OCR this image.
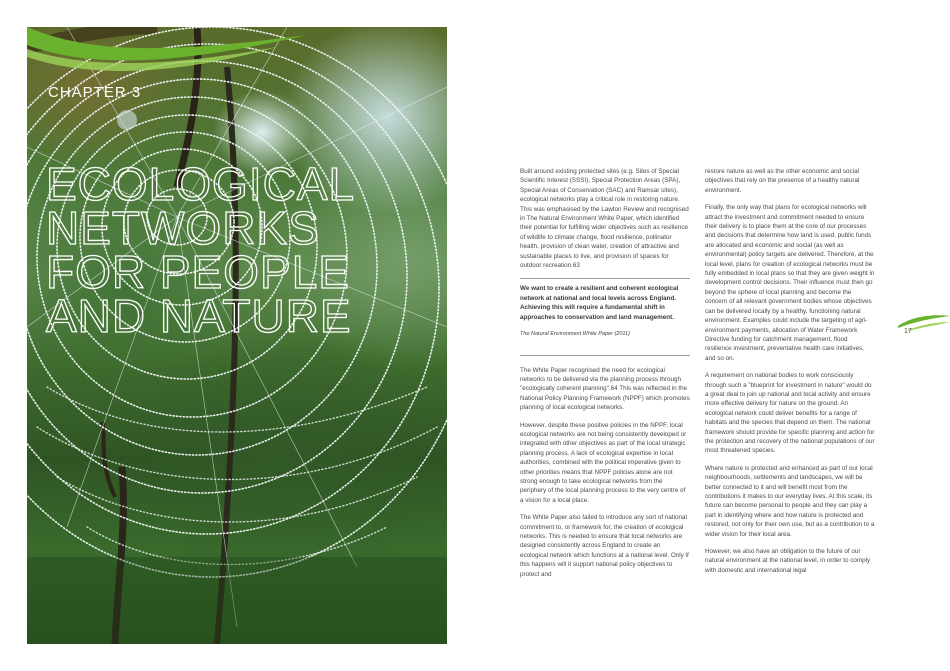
CHAPTER 3
ECOLOGICAL NETWORKS FOR PEOPLE AND NATURE

Built around existing protected sites (e.g. Sites of Special Scientific Interest (SSSI), Special Protection Areas (SPA), Special Areas of Conservation (SAC) and Ramsar sites), ecological networks play a critical role in restoring nature. This was emphasised by the Lawton Review and recognised in The Natural Environment White Paper, which identified their potential for fulfilling wider objectives such as resilience of wildlife to climate change, flood resilience, pollinator health, provision of clean water, creation of attractive and sustainable places to live, and provision of spaces for outdoor recreation.63

We want to create a resilient and coherent ecological network at national and local levels across England. Achieving this will require a fundamental shift in approaches to conservation and land management.

The Natural Environment White Paper (2011)

The White Paper recognised the need for ecological networks to be delivered via the planning process through "ecologically coherent planning".64 This was reflected in the National Policy Planning Framework (NPPF) which promotes planning of local ecological networks.

However, despite these positive policies in the NPPF, local ecological networks are not being consistently developed or integrated with other objectives as part of the local strategic planning process. A lack of ecological expertise in local authorities, combined with the political imperative given to other priorities means that NPPF policies alone are not strong enough to take ecological networks from the periphery of the local planning process to the very centre of a vision for a local place.

The White Paper also failed to introduce any sort of national commitment to, or framework for, the creation of ecological networks. This is needed to ensure that local networks are designed consistently across England to create an ecological network which functions at a national level. Only if this happens will it support national policy objectives to protect and

restore nature as well as the other economic and social objectives that rely on the presence of a healthy natural environment.

Finally, the only way that plans for ecological networks will attract the investment and commitment needed to ensure their delivery is to place them at the core of our processes and decisions that determine how land is used, public funds are allocated and economic and social (as well as environmental) policy targets are delivered. Therefore, at the local level, plans for creation of ecological networks must be fully embedded in local plans so that they are given weight in development control decisions. Their influence must then go beyond the sphere of local planning and become the concern of all relevant government bodies whose objectives can be delivered locally by a healthy, functioning natural environment. Examples could include the targeting of agri-environment payments, allocation of Water Framework Directive funding for catchment management, flood resilience investment, preventative health care initiatives, and so on.

A requirement on national bodies to work consciously through such a "blueprint for investment in nature" would do a great deal to join up national and local activity and ensure more effective delivery for nature on the ground. An ecological network could deliver benefits for a range of habitats and the species that depend on them. The national framework should provide for specific planning and action for the protection and recovery of the national populations of our most threatened species.

Where nature is protected and enhanced as part of our local neighbourhoods, settlements and landscapes, we will be better connected to it and will benefit most from the contributions it makes to our everyday lives. At this scale, its future can become personal to people and they can play a part in identifying where and how nature is protected and restored, not only for their own use, but as a contribution to a wider vision for their local area.

However, we also have an obligation to the future of our natural environment at the national level, in order to comply with domestic and international legal

17
